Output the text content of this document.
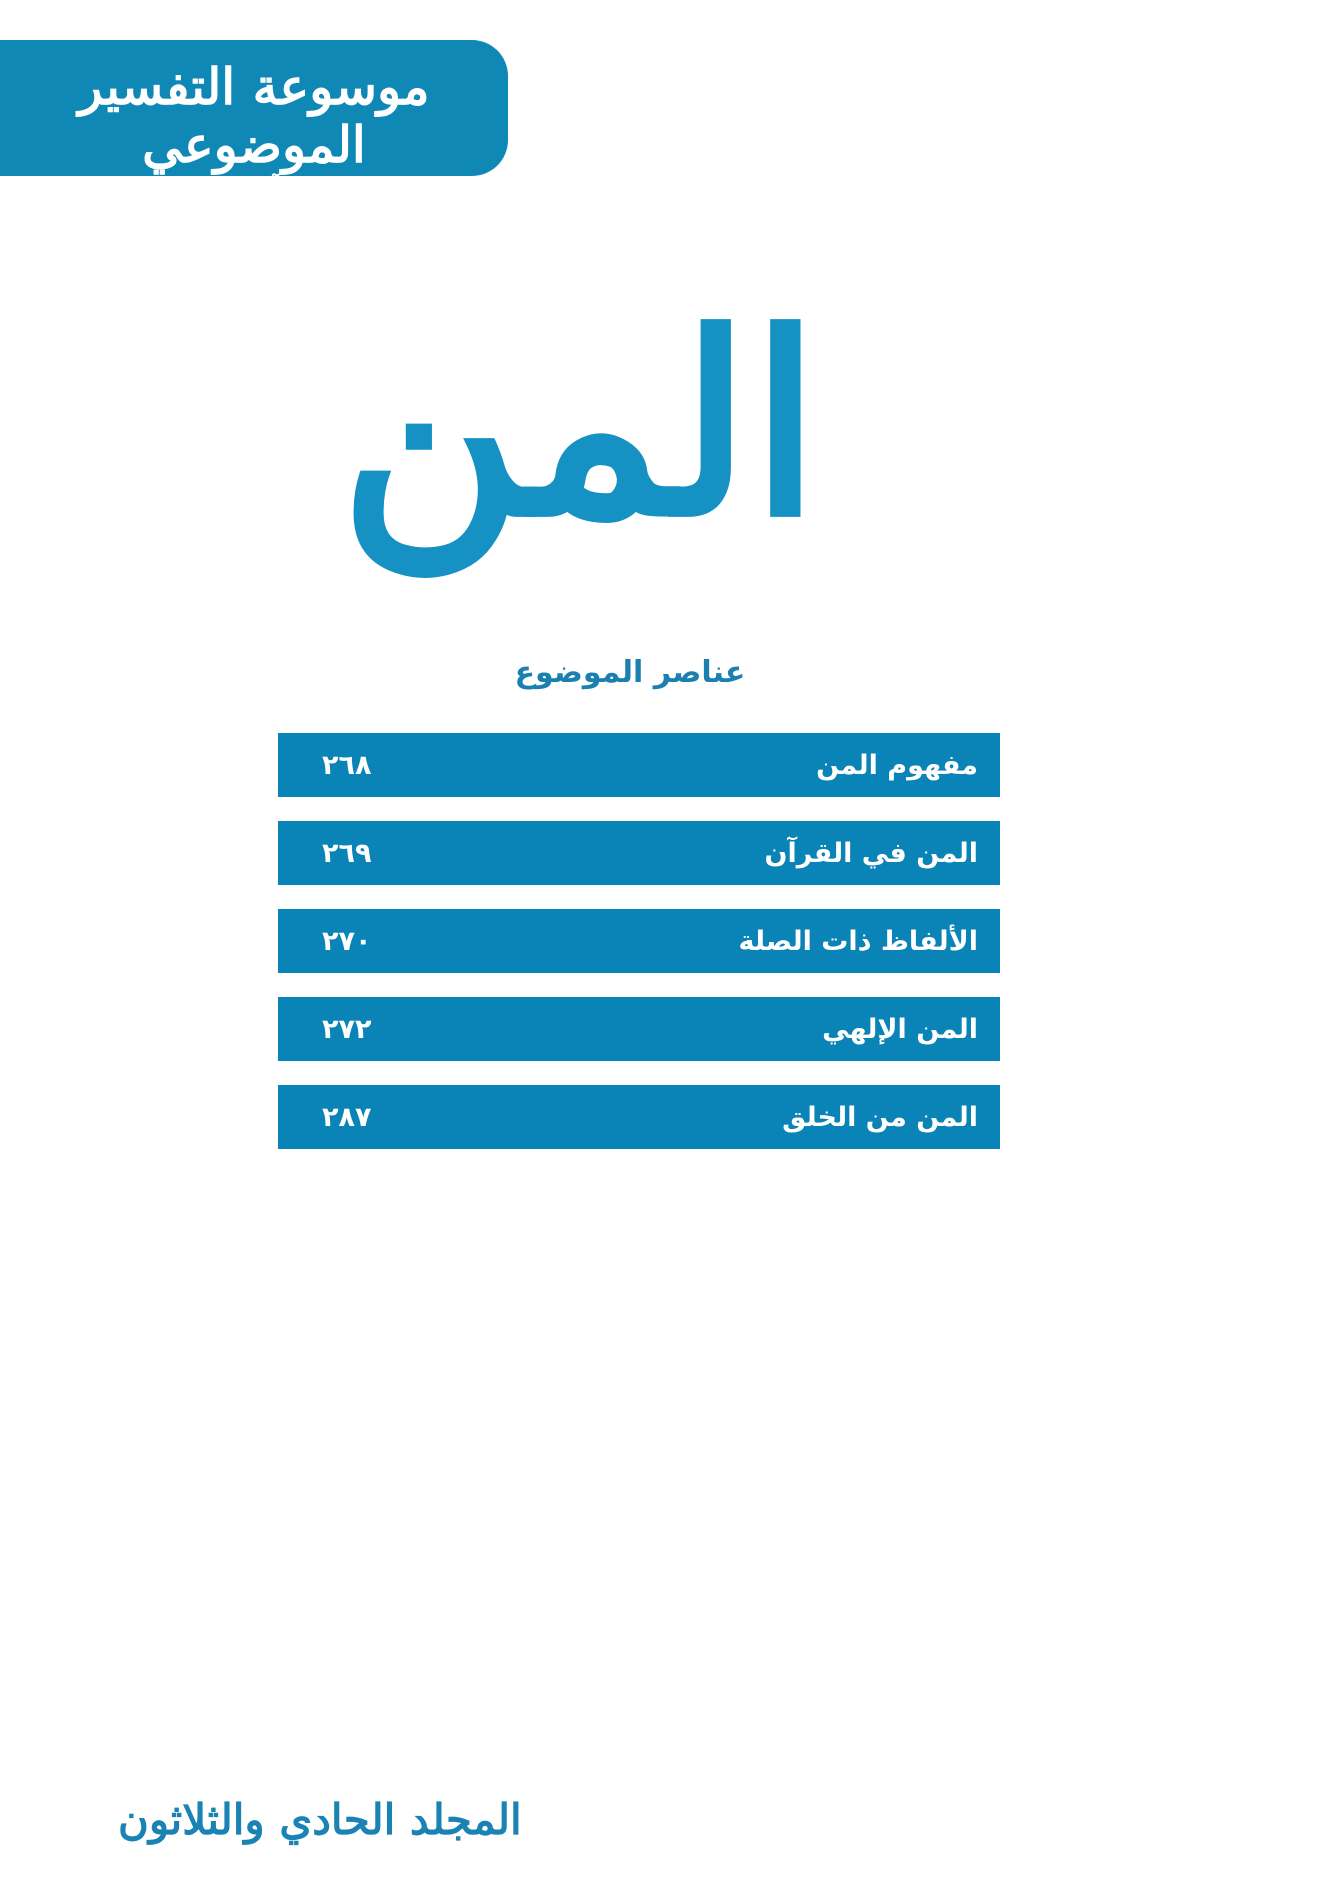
موسوعة التفسير الموضوعي
للقرآن الكريم
المن
عناصر الموضوع
مفهوم المن
٢٦٨
المن في القرآن
٢٦٩
الألفاظ ذات الصلة
٢٧٠
المن الإلهي
٢٧٢
المن من الخلق
٢٨٧
المجلد الحادي والثلاثون
